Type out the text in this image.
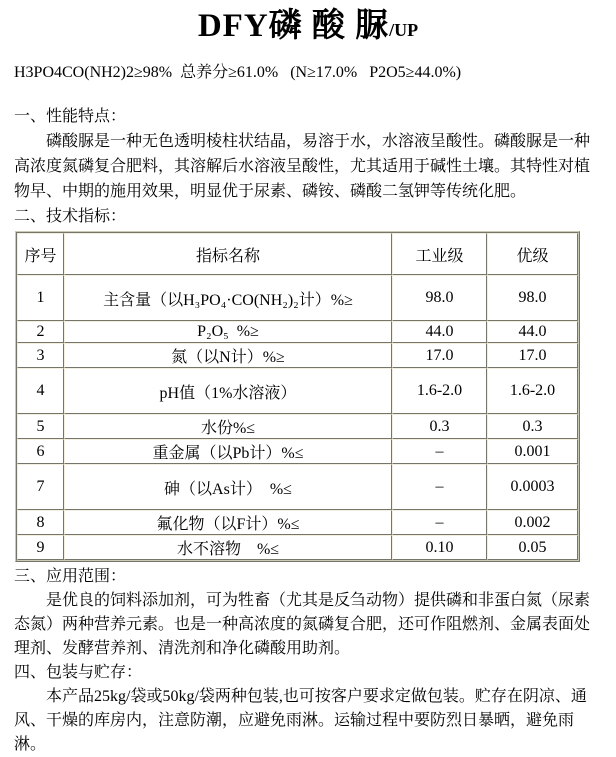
DFY磷 酸 脲/UP

H3PO4CO(NH2)2≥98%  总养分≥61.0%   (N≥17.0%   P2O5≥44.0%)

一、性能特点：

磷酸脲是一种无色透明棱柱状结晶，易溶于水，水溶液呈酸性。磷酸脲是一种高浓度氮磷复合肥料，其溶解后水溶液呈酸性，尤其适用于碱性土壤。其特性对植物早、中期的施用效果，明显优于尿素、磷铵、磷酸二氢钾等传统化肥。

二、技术指标：

序号	指标名称	工业级	优级
1	主含量（以H₃PO₄·CO(NH₂)₂计）%≥	98.0	98.0
2	P₂O₅  %≥	44.0	44.0
3	氮（以N计）%≥	17.0	17.0
4	pH值（1%水溶液）	1.6-2.0	1.6-2.0
5	水份%≤	0.3	0.3
6	重金属（以Pb计）%≤	–	0.001
7	砷（以As计）　%≤	–	0.0003
8	氟化物（以F计）%≤	–	0.002
9	水不溶物　%≤	0.10	0.05

三、应用范围：

是优良的饲料添加剂，可为牲畜（尤其是反刍动物）提供磷和非蛋白氮（尿素态氮）两种营养元素。也是一种高浓度的氮磷复合肥，还可作阻燃剂、金属表面处理剂、发酵营养剂、清洗剂和净化磷酸用助剂。

四、包装与贮存：

本产品25kg/袋或50kg/袋两种包装,也可按客户要求定做包装。贮存在阴凉、通风、干燥的库房内，注意防潮，应避免雨淋。运输过程中要防烈日暴晒，避免雨淋。
